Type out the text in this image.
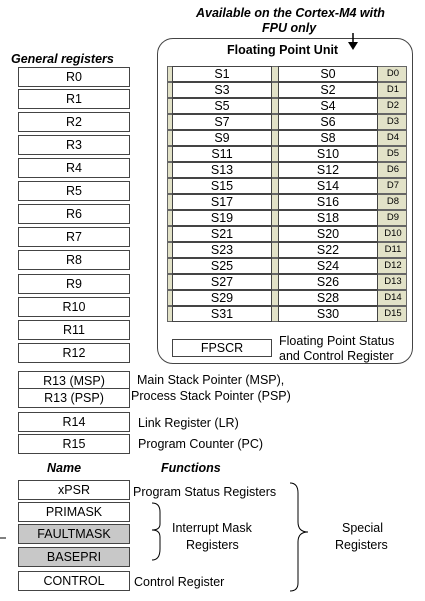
Available on the Cortex-M4 with
FPU only
General registers
R0
R1
R2
R3
R4
R5
R6
R7
R8
R9
R10
R11
R12
Floating Point Unit
S1	S0	D0
S3	S2	D1
S5	S4	D2
S7	S6	D3
S9	S8	D4
S11	S10	D5
S13	S12	D6
S15	S14	D7
S17	S16	D8
S19	S18	D9
S21	S20	D10
S23	S22	D11
S25	S24	D12
S27	S26	D13
S29	S28	D14
S31	S30	D15
FPSCR	Floating Point Status
and Control Register
R13 (MSP)
R13 (PSP)
Main Stack Pointer (MSP),
Process Stack Pointer (PSP)
R14	Link Register (LR)
R15	Program Counter (PC)
Name	Functions
xPSR	Program Status Registers
PRIMASK
FAULTMASK
BASEPRI
CONTROL	Control Register
Interrupt Mask
Registers
Special
Registers
